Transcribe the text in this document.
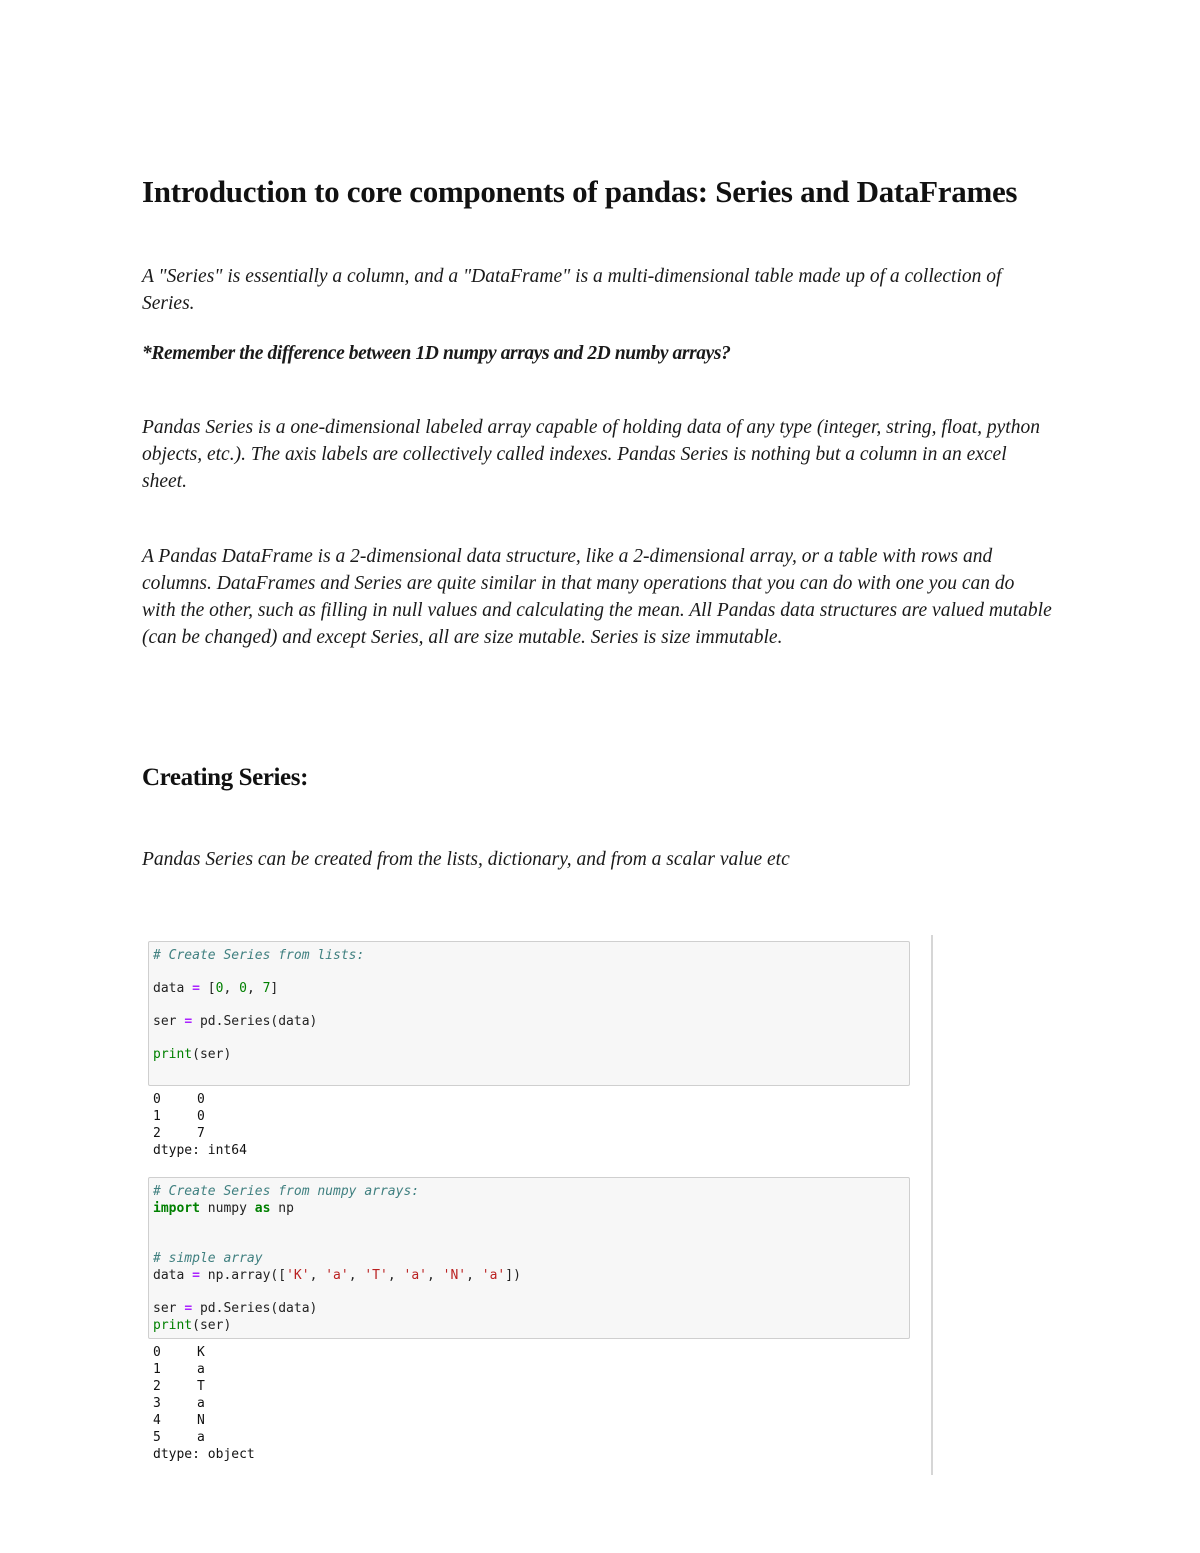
Introduction to core components of pandas: Series and DataFrames

A "Series" is essentially a column, and a "DataFrame" is a multi-dimensional table made up of a collection of Series.

*Remember the difference between 1D numpy arrays and 2D numby arrays?

Pandas Series is a one-dimensional labeled array capable of holding data of any type (integer, string, float, python objects, etc.). The axis labels are collectively called indexes. Pandas Series is nothing but a column in an excel sheet.

A Pandas DataFrame is a 2-dimensional data structure, like a 2-dimensional array, or a table with rows and columns. DataFrames and Series are quite similar in that many operations that you can do with one you can do with the other, such as filling in null values and calculating the mean. All Pandas data structures are valued mutable (can be changed) and except Series, all are size mutable. Series is size immutable.

Creating Series:

Pandas Series can be created from the lists, dictionary, and from a scalar value etc

# Create Series from lists:
data = [0, 0, 7]
ser = pd.Series(data)
print(ser)
0	0
1	0
2	7
dtype: int64
# Create Series from numpy arrays:
import numpy as np
# simple array
data = np.array(['K', 'a', 'T', 'a', 'N', 'a'])
ser = pd.Series(data)
print(ser)
0	K
1	a
2	T
3	a
4	N
5	a
dtype: object
